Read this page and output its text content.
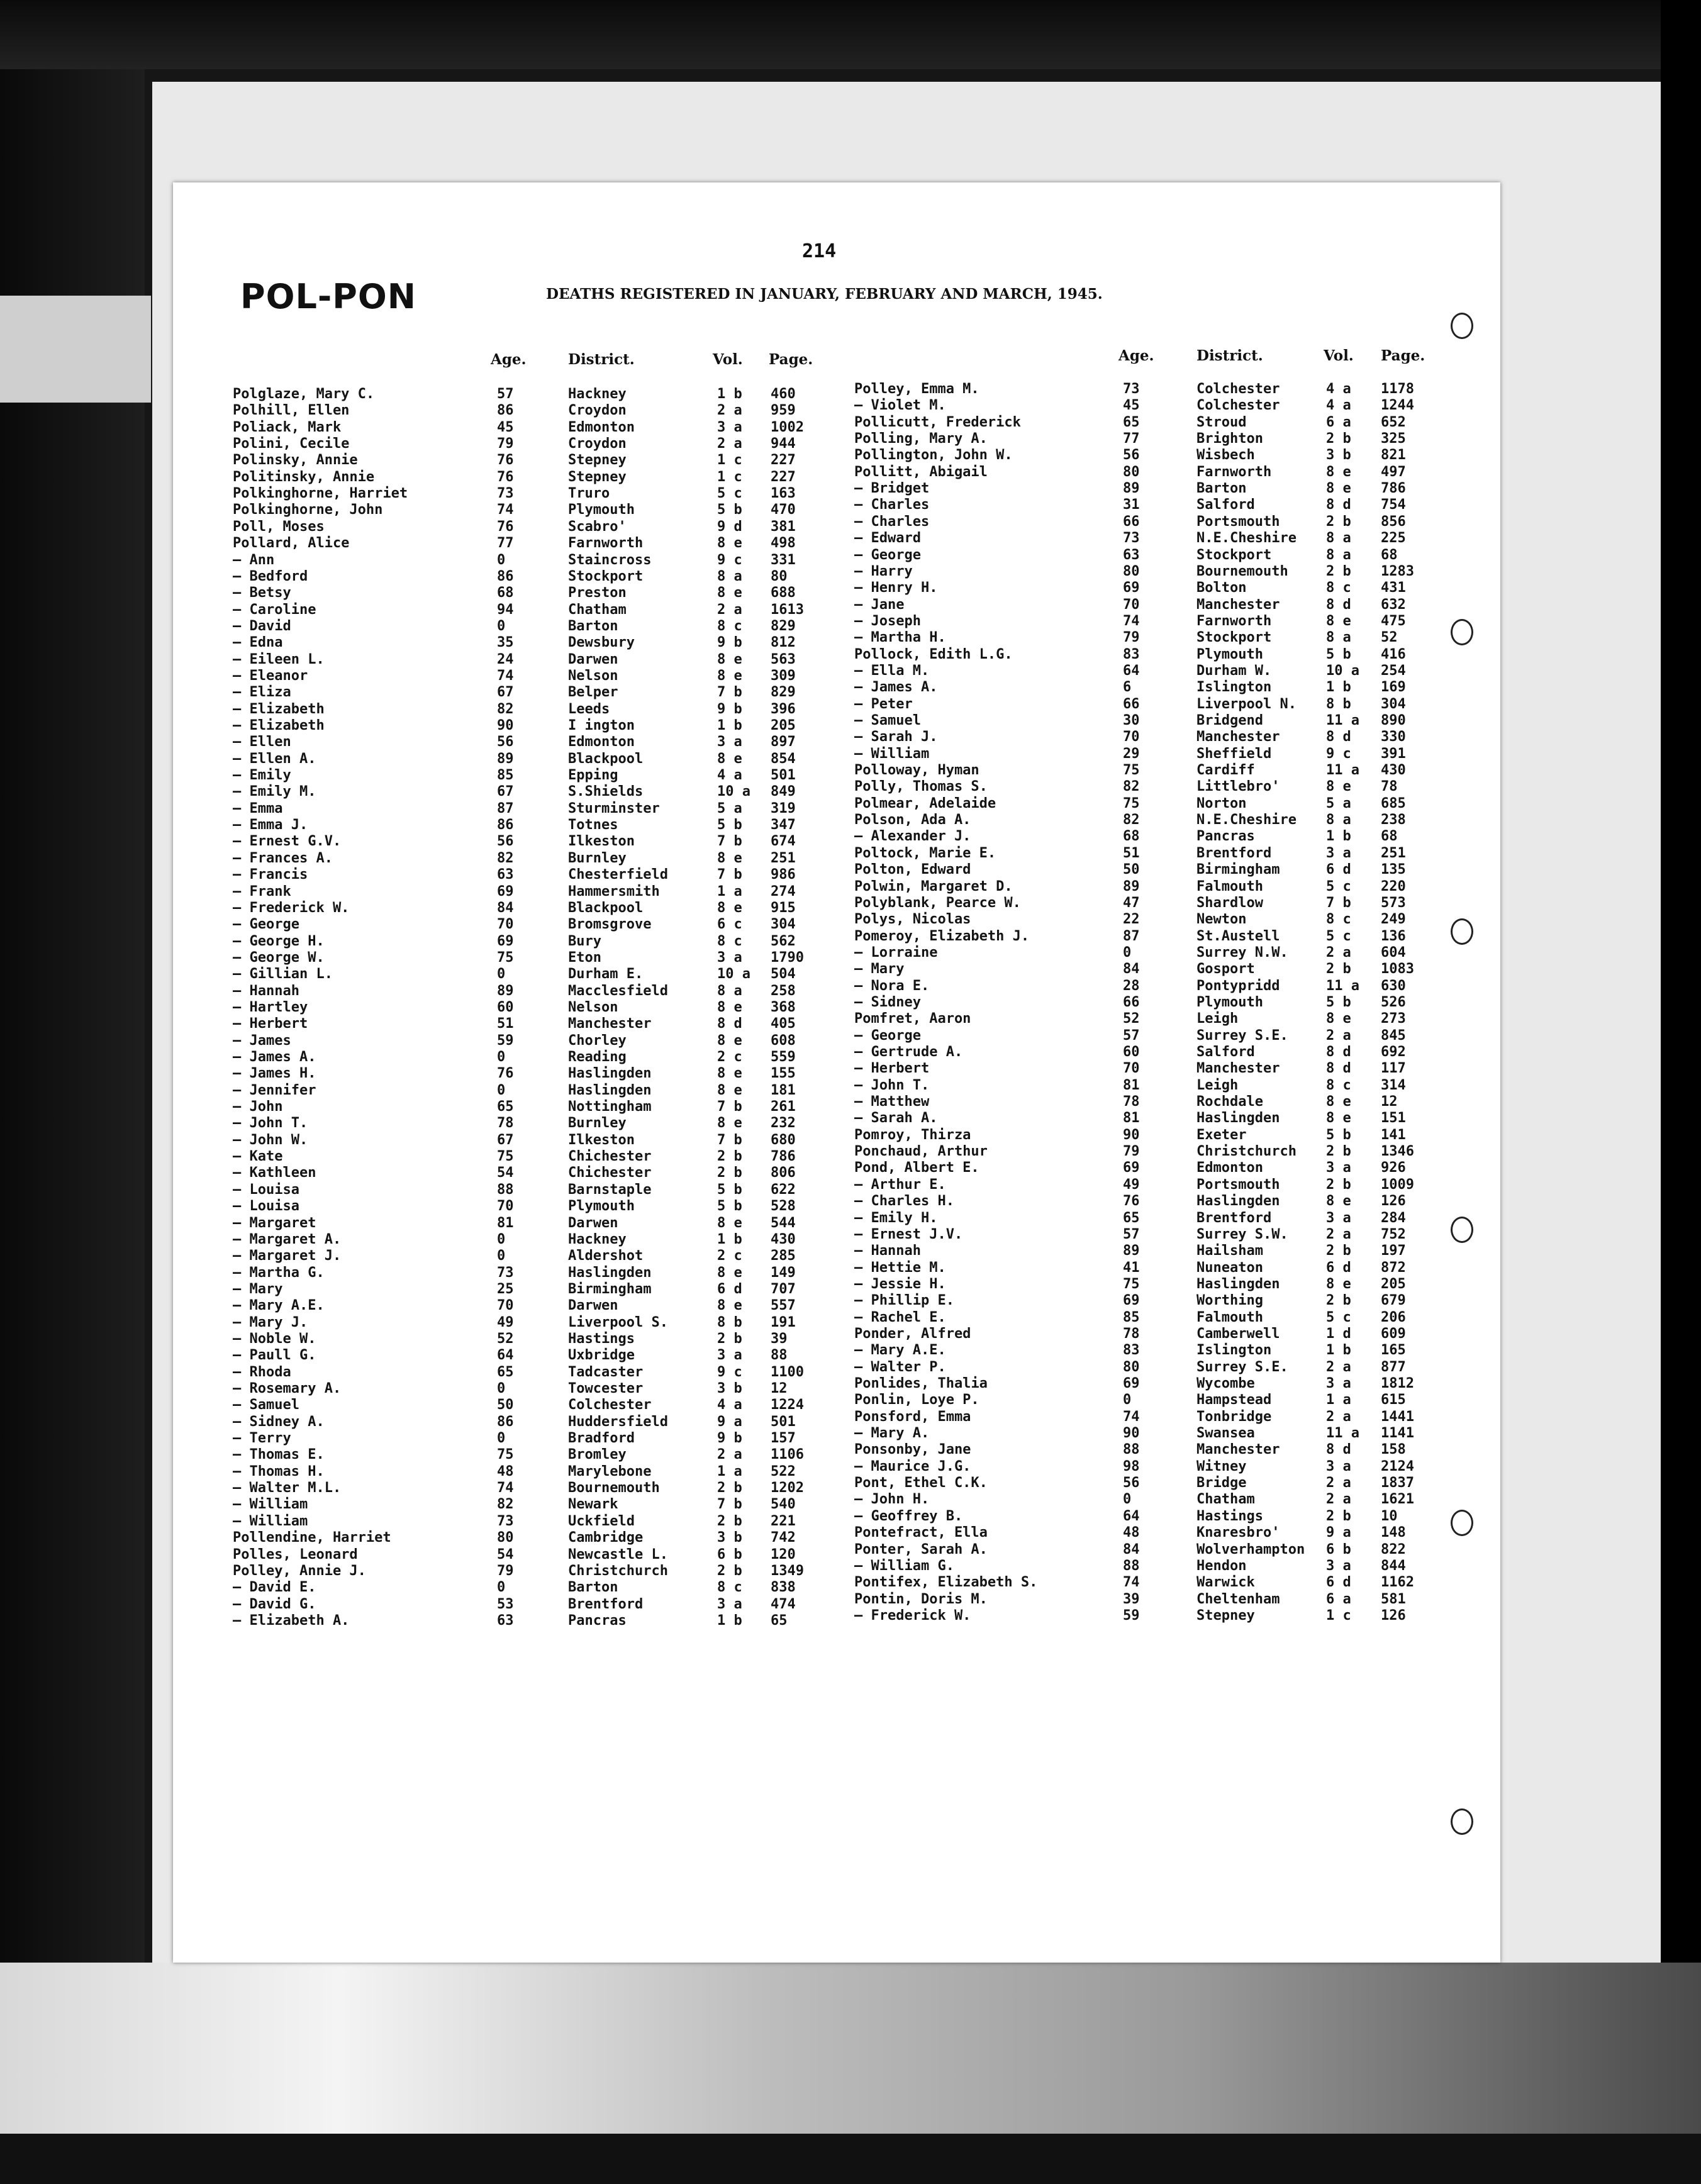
214
POL-PON	DEATHS REGISTERED IN JANUARY, FEBRUARY AND MARCH, 1945.
Age.	District.	Vol. Page.	Age.	District.	Vol. Page.
Polglaze, Mary C.	57	Hackney	1 b 460
Polhill, Ellen	86	Croydon	2 a 959
Poliack, Mark	45	Edmonton	3 a 1002
Polini, Cecile	79	Croydon	2 a 944
Polinsky, Annie	76	Stepney	1 c 227
Politinsky, Annie	76	Stepney	1 c 227
Polkinghorne, Harriet	73	Truro	5 c 163
Polkinghorne, John	74	Plymouth	5 b 470
Poll, Moses	76	Scabro'	9 d 381
Pollard, Alice	77	Farnworth	8 e 498
— Ann	0	Staincross	9 c 331
— Bedford	86	Stockport	8 a 80
— Betsy	68	Preston	8 e 688
— Caroline	94	Chatham	2 a 1613
— David	0	Barton	8 c 829
— Edna	35	Dewsbury	9 b 812
— Eileen L.	24	Darwen	8 e 563
— Eleanor	74	Nelson	8 e 309
— Eliza	67	Belper	7 b 829
— Elizabeth	82	Leeds	9 b 396
— Elizabeth	90	I ington	1 b 205
— Ellen	56	Edmonton	3 a 897
— Ellen A.	89	Blackpool	8 e 854
— Emily	85	Epping	4 a 501
— Emily M.	67	S.Shields	10 a 849
— Emma	87	Sturminster	5 a 319
— Emma J.	86	Totnes	5 b 347
— Ernest G.V.	56	Ilkeston	7 b 674
— Frances A.	82	Burnley	8 e 251
— Francis	63	Chesterfield	7 b 986
— Frank	69	Hammersmith	1 a 274
— Frederick W.	84	Blackpool	8 e 915
— George	70	Bromsgrove	6 c 304
— George H.	69	Bury	8 c 562
— George W.	75	Eton	3 a 1790
— Gillian L.	0	Durham E.	10 a 504
— Hannah	89	Macclesfield	8 a 258
— Hartley	60	Nelson	8 e 368
— Herbert	51	Manchester	8 d 405
— James	59	Chorley	8 e 608
— James A.	0	Reading	2 c 559
— James H.	76	Haslingden	8 e 155
— Jennifer	0	Haslingden	8 e 181
— John	65	Nottingham	7 b 261
— John T.	78	Burnley	8 e 232
— John W.	67	Ilkeston	7 b 680
— Kate	75	Chichester	2 b 786
— Kathleen	54	Chichester	2 b 806
— Louisa	88	Barnstaple	5 b 622
— Louisa	70	Plymouth	5 b 528
— Margaret	81	Darwen	8 e 544
— Margaret A.	0	Hackney	1 b 430
— Margaret J.	0	Aldershot	2 c 285
— Martha G.	73	Haslingden	8 e 149
— Mary	25	Birmingham	6 d 707
— Mary A.E.	70	Darwen	8 e 557
— Mary J.	49	Liverpool S.	8 b 191
— Noble W.	52	Hastings	2 b 39
— Paull G.	64	Uxbridge	3 a 88
— Rhoda	65	Tadcaster	9 c 1100
— Rosemary A.	0	Towcester	3 b 12
— Samuel	50	Colchester	4 a 1224
— Sidney A.	86	Huddersfield	9 a 501
— Terry	0	Bradford	9 b 157
— Thomas E.	75	Bromley	2 a 1106
— Thomas H.	48	Marylebone	1 a 522
— Walter M.L.	74	Bournemouth	2 b 1202
— William	82	Newark	7 b 540
— William	73	Uckfield	2 b 221
Pollendine, Harriet	80	Cambridge	3 b 742
Polles, Leonard	54	Newcastle L.	6 b 120
Polley, Annie J.	79	Christchurch	2 b 1349
— David E.	0	Barton	8 c 838
— David G.	53	Brentford	3 a 474
— Elizabeth A.	63	Pancras	1 b 65
Polley, Emma M.	73	Colchester	4 a 1178
— Violet M.	45	Colchester	4 a 1244
Pollicutt, Frederick	65	Stroud	6 a 652
Polling, Mary A.	77	Brighton	2 b 325
Pollington, John W.	56	Wisbech	3 b 821
Pollitt, Abigail	80	Farnworth	8 e 497
— Bridget	89	Barton	8 e 786
— Charles	31	Salford	8 d 754
— Charles	66	Portsmouth	2 b 856
— Edward	73	N.E.Cheshire 8 a 225
— George	63	Stockport	8 a 68
— Harry	80	Bournemouth	2 b 1283
— Henry H.	69	Bolton	8 c 431
— Jane	70	Manchester	8 d 632
— Joseph	74	Farnworth	8 e 475
— Martha H.	79	Stockport	8 a 52
Pollock, Edith L.G.	83	Plymouth	5 b 416
— Ella M.	64	Durham W.	10 a 254
— James A.	6	Islington	1 b 169
— Peter	66	Liverpool N. 8 b 304
— Samuel	30	Bridgend	11 a 890
— Sarah J.	70	Manchester	8 d 330
— William	29	Sheffield	9 c 391
Polloway, Hyman	75	Cardiff	11 a 430
Polly, Thomas S.	82	Littlebro'	8 e 78
Polmear, Adelaide	75	Norton	5 a 685
Polson, Ada A.	82	N.E.Cheshire 8 a 238
— Alexander J.	68	Pancras	1 b 68
Poltock, Marie E.	51	Brentford	3 a 251
Polton, Edward	50	Birmingham	6 d 135
Polwin, Margaret D.	89	Falmouth	5 c 220
Polyblank, Pearce W.	47	Shardlow	7 b 573
Polys, Nicolas	22	Newton	8 c 249
Pomeroy, Elizabeth J.	87	St.Austell	5 c 136
— Lorraine	0	Surrey N.W.	2 a 604
— Mary	84	Gosport	2 b 1083
— Nora E.	28	Pontypridd	11 a 630
— Sidney	66	Plymouth	5 b 526
Pomfret, Aaron	52	Leigh	8 e 273
— George	57	Surrey S.E.	2 a 845
— Gertrude A.	60	Salford	8 d 692
— Herbert	70	Manchester	8 d 117
— John T.	81	Leigh	8 c 314
— Matthew	78	Rochdale	8 e 12
— Sarah A.	81	Haslingden	8 e 151
Pomroy, Thirza	90	Exeter	5 b 141
Ponchaud, Arthur	79	Christchurch 2 b 1346
Pond, Albert E.	69	Edmonton	3 a 926
— Arthur E.	49	Portsmouth	2 b 1009
— Charles H.	76	Haslingden	8 e 126
— Emily H.	65	Brentford	3 a 284
— Ernest J.V.	57	Surrey S.W.	2 a 752
— Hannah	89	Hailsham	2 b 197
— Hettie M.	41	Nuneaton	6 d 872
— Jessie H.	75	Haslingden	8 e 205
— Phillip E.	69	Worthing	2 b 679
— Rachel E.	85	Falmouth	5 c 206
Ponder, Alfred	78	Camberwell	1 d 609
— Mary A.E.	83	Islington	1 b 165
— Walter P.	80	Surrey S.E.	2 a 877
Ponlides, Thalia	69	Wycombe	3 a 1812
Ponlin, Loye P.	0	Hampstead	1 a 615
Ponsford, Emma	74	Tonbridge	2 a 1441
— Mary A.	90	Swansea	11 a 1141
Ponsonby, Jane	88	Manchester	8 d 158
— Maurice J.G.	98	Witney	3 a 2124
Pont, Ethel C.K.	56	Bridge	2 a 1837
— John H.	0	Chatham	2 a 1621
— Geoffrey B.	64	Hastings	2 b 10
Pontefract, Ella	48	Knaresbro'	9 a 148
Ponter, Sarah A.	84	Wolverhampton 6 b 822
— William G.	88	Hendon	3 a 844
Pontifex, Elizabeth S.	74	Warwick	6 d 1162
Pontin, Doris M.	39	Cheltenham	6 a 581
— Frederick W.	59	Stepney	1 c 126
